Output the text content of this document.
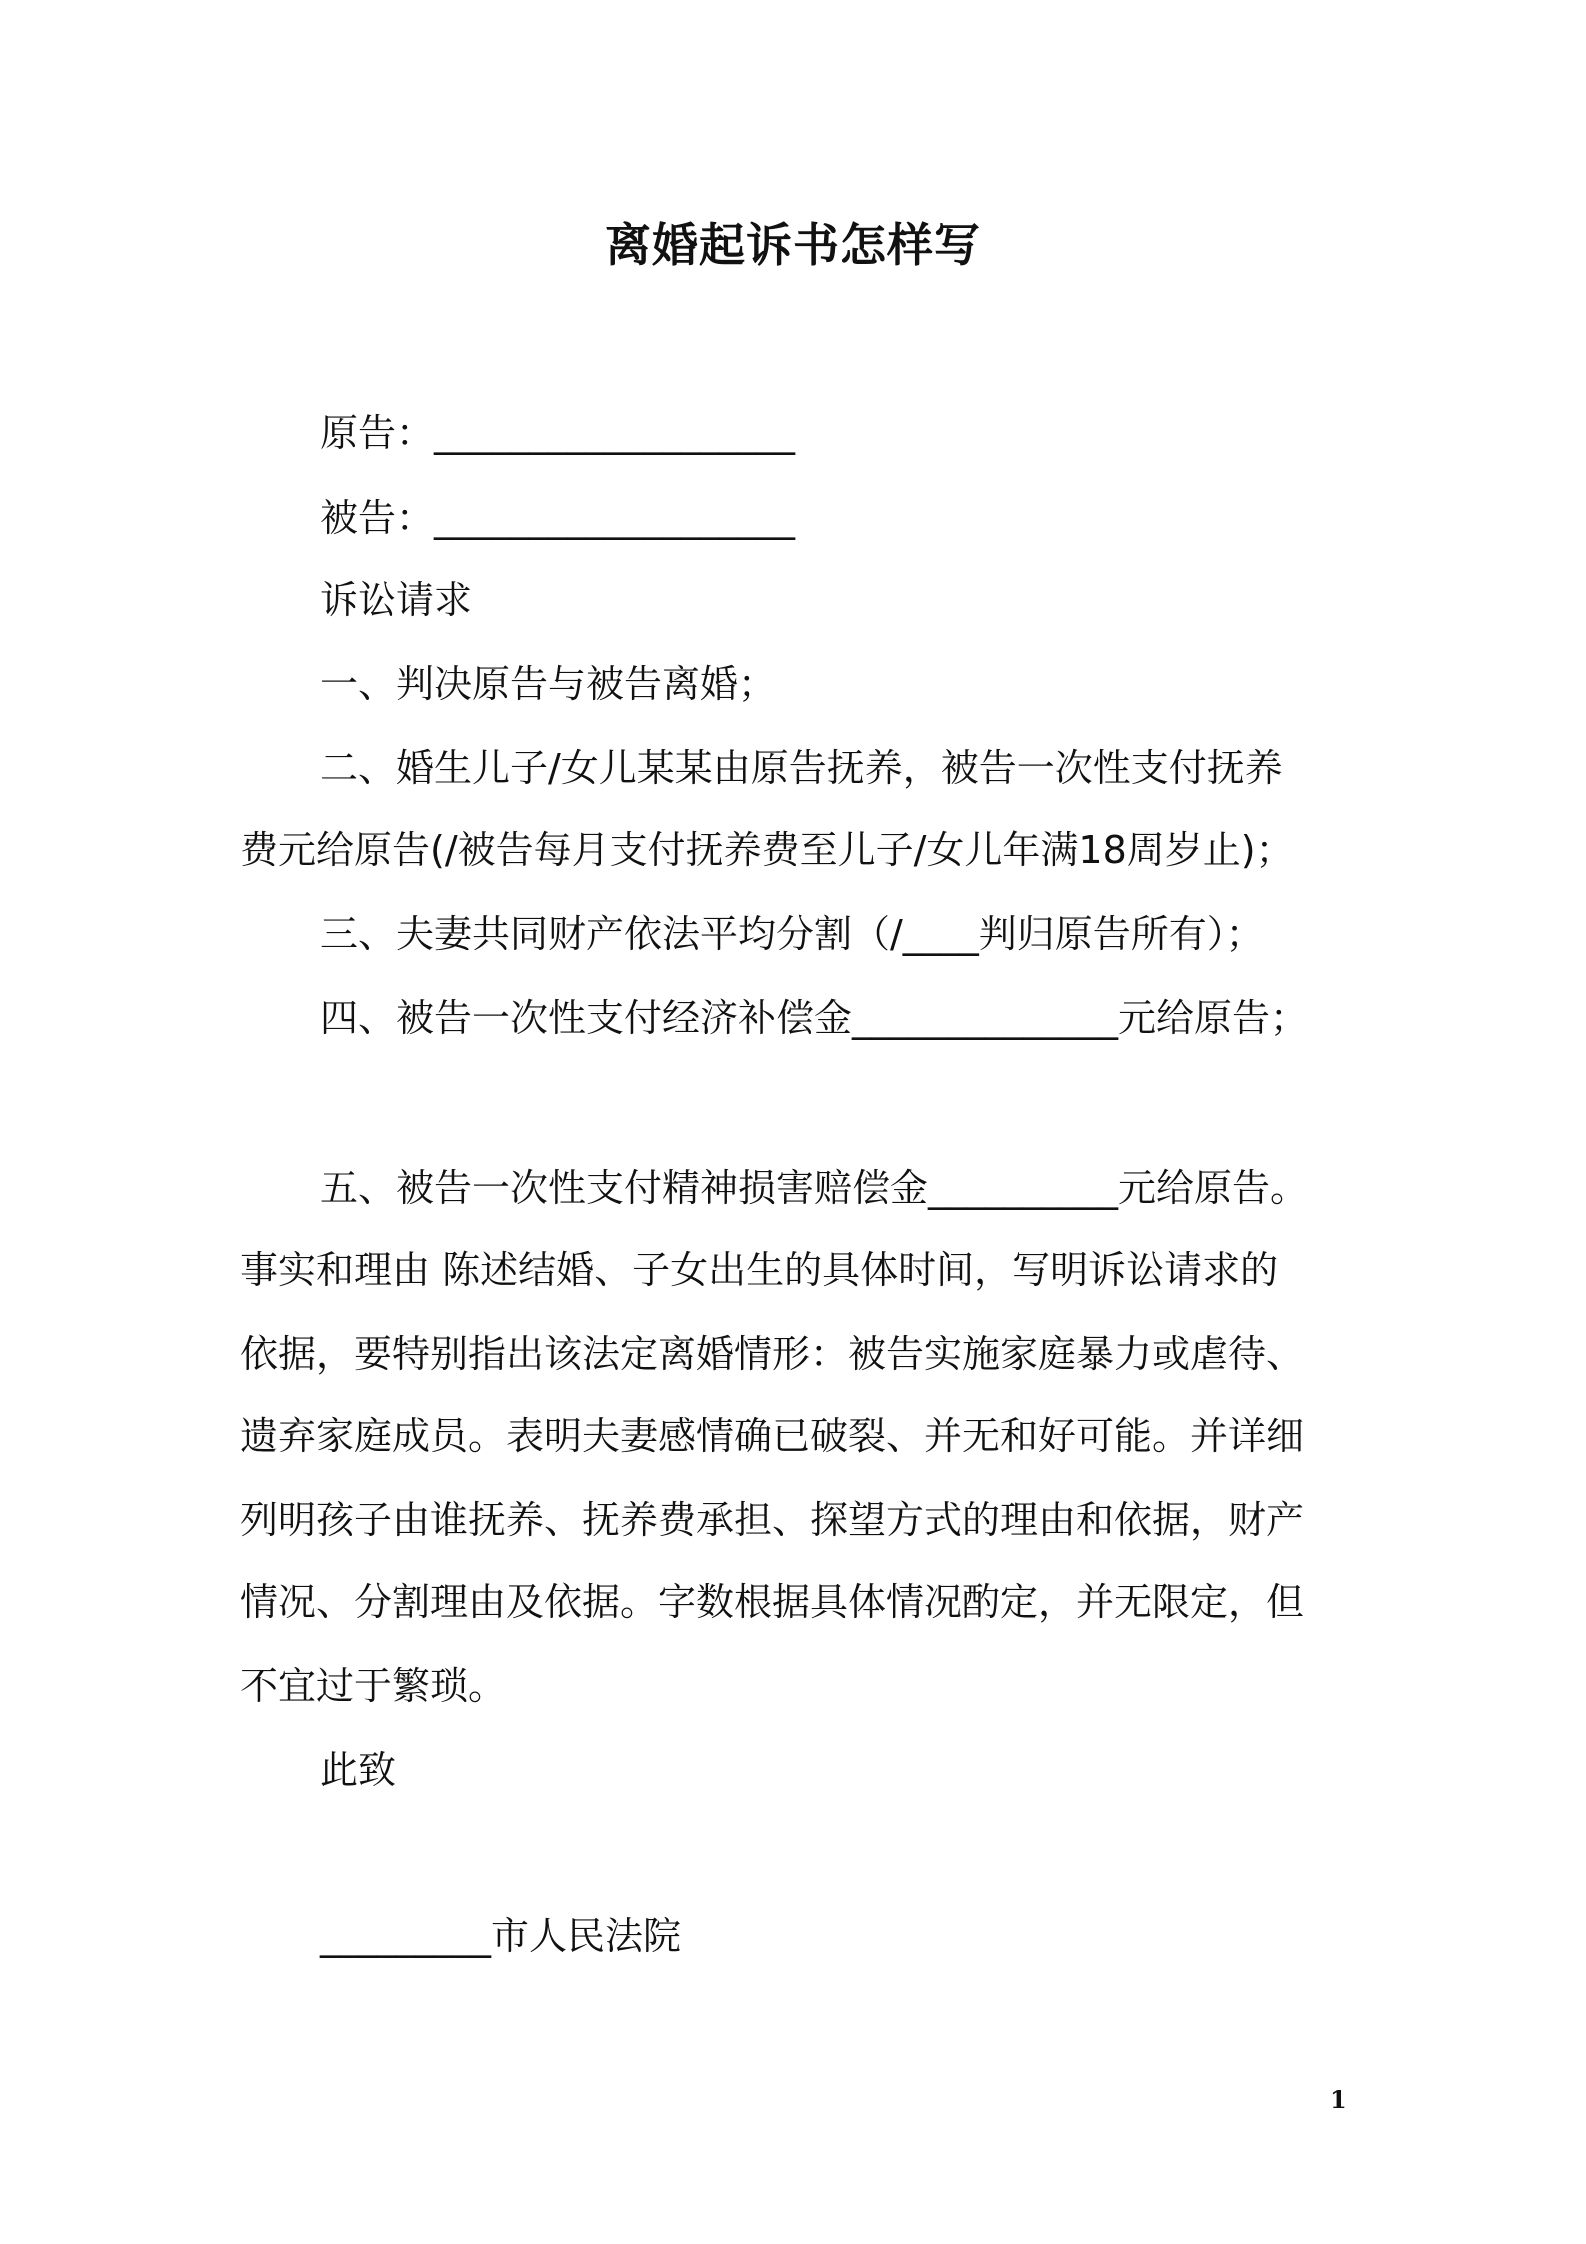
离婚起诉书怎样写
原告：___________________
被告：___________________
诉讼请求
一、判决原告与被告离婚；
二、婚生儿子/女儿某某由原告抚养，被告一次性支付抚养
费元给原告(/被告每月支付抚养费至儿子/女儿年满18周岁止)；
三、夫妻共同财产依法平均分割（/____判归原告所有）；
四、被告一次性支付经济补偿金______________元给原告；
五、被告一次性支付精神损害赔偿金__________元给原告。
事实和理由 陈述结婚、子女出生的具体时间，写明诉讼请求的
依据，要特别指出该法定离婚情形：被告实施家庭暴力或虐待、
遗弃家庭成员。表明夫妻感情确已破裂、并无和好可能。并详细
列明孩子由谁抚养、抚养费承担、探望方式的理由和依据，财产
情况、分割理由及依据。字数根据具体情况酌定，并无限定，但
不宜过于繁琐。
此致
_________市人民法院
1
